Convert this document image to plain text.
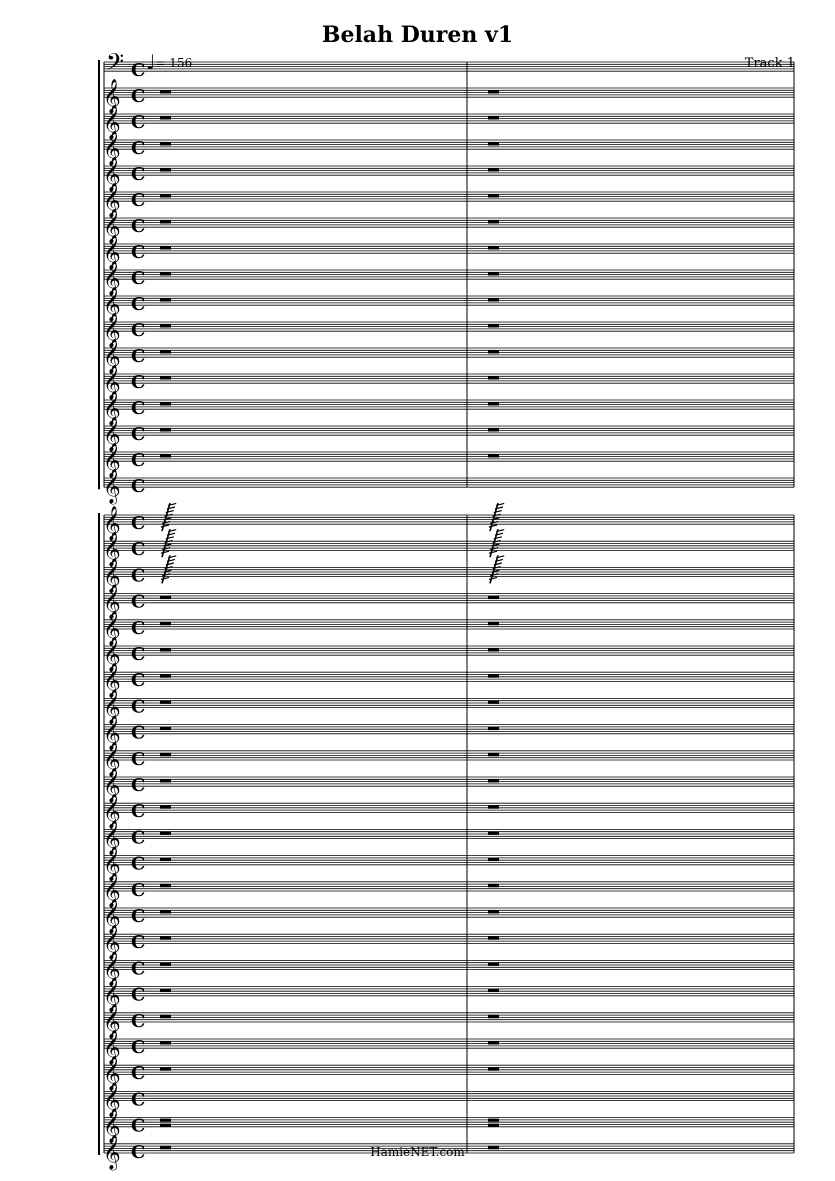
Belah Duren v1
Track 1
♩= 156
𝄢 C
𝄞 C
𝄞 C
𝄞 C
𝄞 C
𝄞 C
𝄞 C
𝄞 C
𝄞 C
𝄞 C
𝄞 C
𝄞 C
𝄞 C
𝄞 C
𝄞 C
𝄞 C
𝄞 C
𝄞 C
𝄞 C
𝄞 C
𝄞 C
𝄞 C
𝄞 C
𝄞 C
𝄞 C
𝄞 C
𝄞 C
𝄞 C
𝄞 C
𝄞 C
𝄞 C
𝄞 C
𝄞 C
𝄞 C
𝄞 C
𝄞 C
𝄞 C
𝄞 C
𝄞 C
𝄞 C
𝄞 C
𝄞 C	HamieNET.com
